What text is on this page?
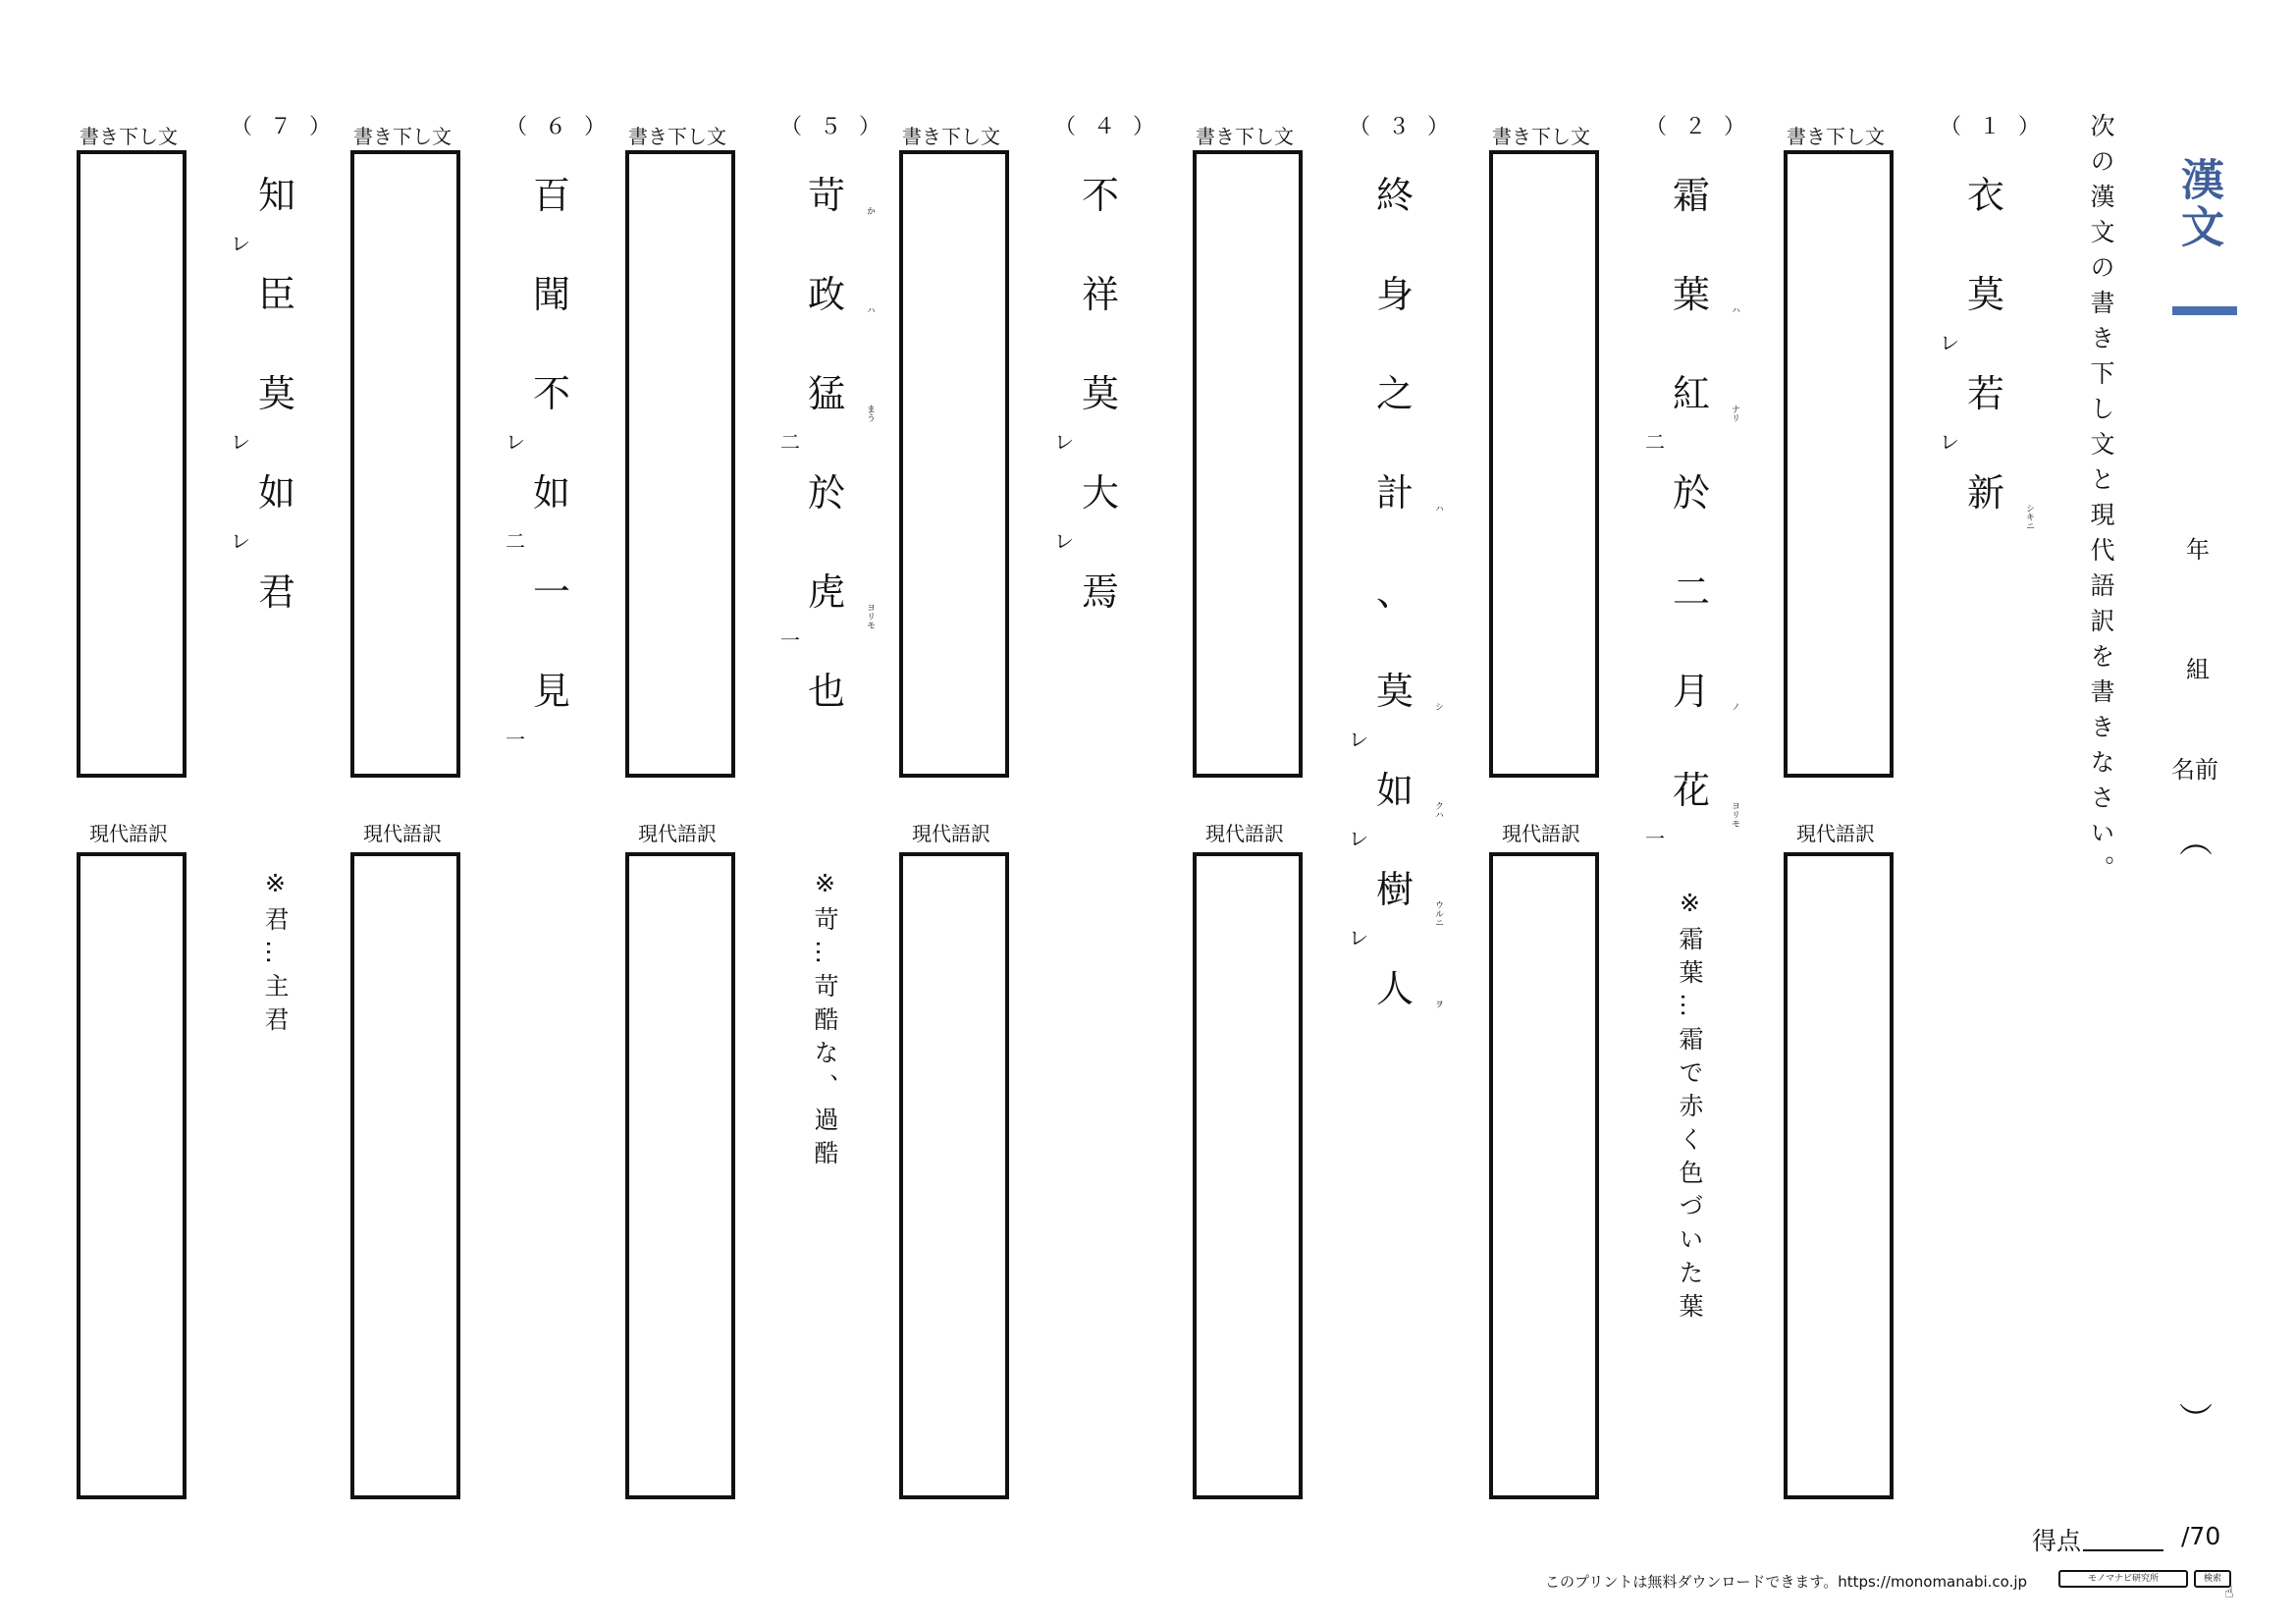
漢文
次の漢文の書き下し文と現代語訳を書きなさい。	年
組
名前
︵
︶
（１）
衣
莫
若
新
レ
レ
シキニ
書き下し文
現代語訳
（２）
霜
葉
紅
於
二
月
花
二
一
ハ
ナリ
ノ
ヨリモ
※霜葉…霜で赤く色づいた葉
書き下し文
現代語訳
（３）
終
身
之
計
、
莫
如
樹
人
レ
レ
レ
ハ
シ
クハ
ウルニ
ヲ
書き下し文
現代語訳
（４）
不
祥
莫
大
焉
レ
レ
書き下し文
現代語訳
（５）
苛
政
猛
於
虎
也
二
一
か
ハ
まう
ヨリモ
※苛…苛酷な、過酷
書き下し文
現代語訳
（６）
百
聞
不
如
一
見
レ
二
一
書き下し文
現代語訳
（７）
知
臣
莫
如
君
レ
レ
レ
※君…主君
書き下し文
現代語訳
得点	/70
このプリントは無料ダウンロードできます。https://monomanabi.co.jp	モノマナビ研究所	検索
☝
